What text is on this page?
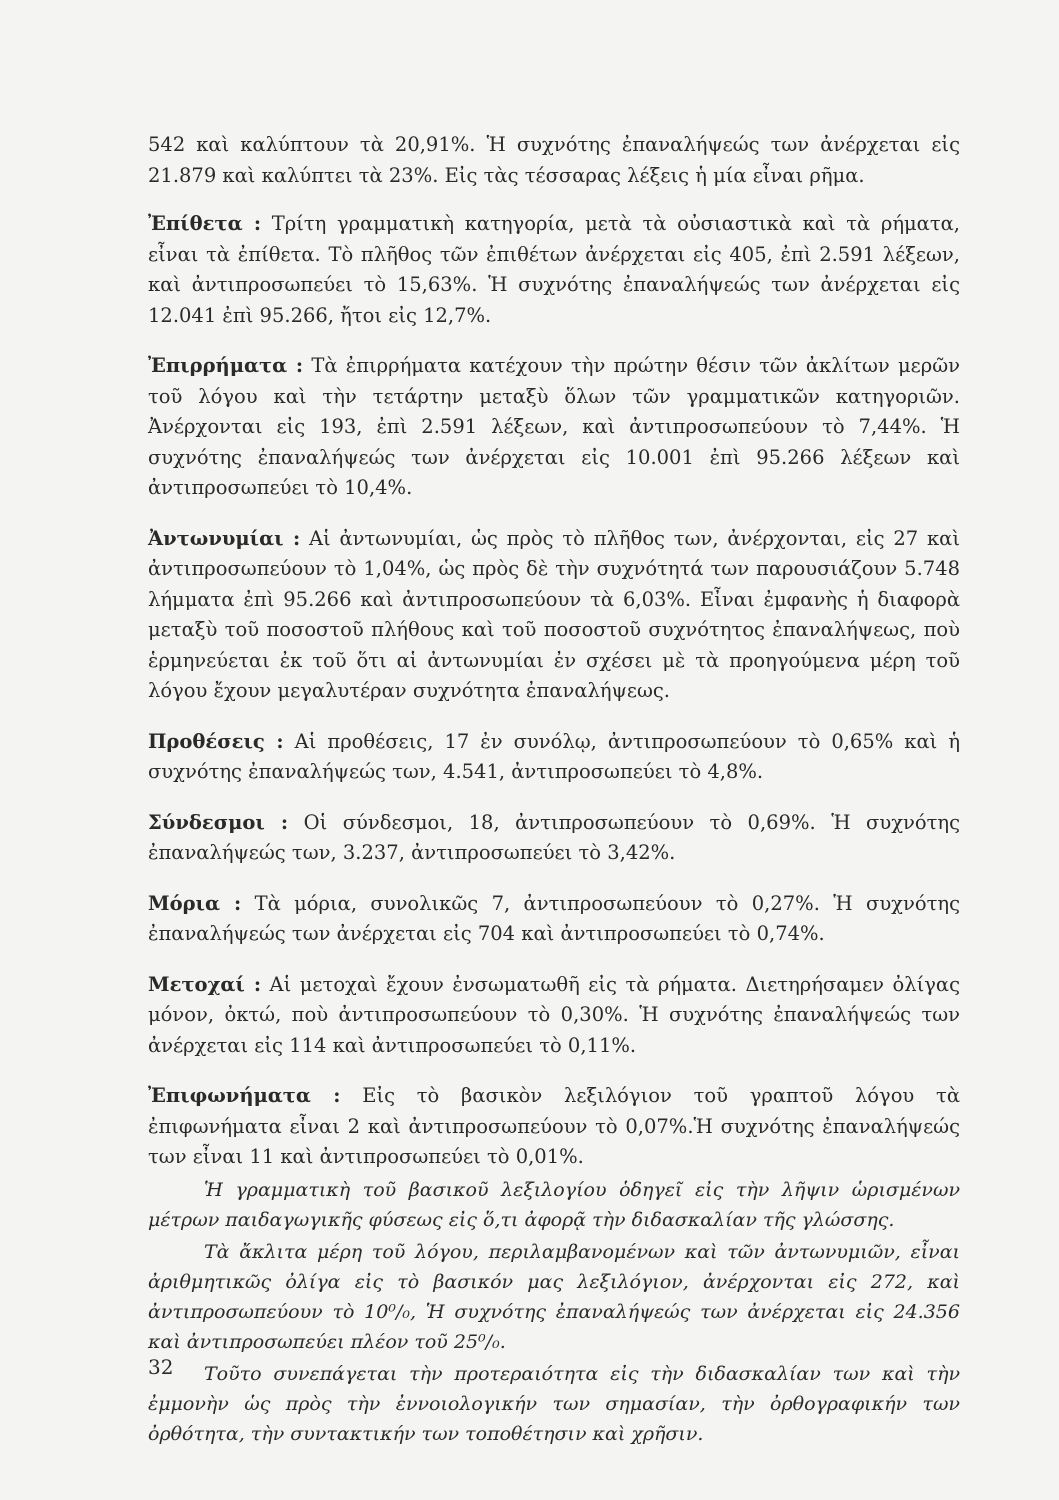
542 καὶ καλύπτουν τὰ 20,91%. Ἡ συχνότης ἐπαναλήψεώς των ἀνέρχεται εἰς 21.879 καὶ καλύπτει τὰ 23%. Εἰς τὰς τέσσαρας λέξεις ἡ μία εἶναι ρῆμα.

Ἐπίθετα : Τρίτη γραμματικὴ κατηγορία, μετὰ τὰ οὐσιαστικὰ καὶ τὰ ρήματα, εἶναι τὰ ἐπίθετα. Τὸ πλῆθος τῶν ἐπιθέτων ἀνέρχεται εἰς 405, ἐπὶ 2.591 λέξεων, καὶ ἀντιπροσωπεύει τὸ 15,63%. Ἡ συχνότης ἐπαναλήψεώς των ἀνέρχεται εἰς 12.041 ἐπὶ 95.266, ἤτοι εἰς 12,7%.

Ἐπιρρήματα : Τὰ ἐπιρρήματα κατέχουν τὴν πρώτην θέσιν τῶν ἀκλίτων μερῶν τοῦ λόγου καὶ τὴν τετάρτην μεταξὺ ὅλων τῶν γραμματικῶν κατηγοριῶν. Ἀνέρχονται εἰς 193, ἐπὶ 2.591 λέξεων, καὶ ἀντιπροσωπεύουν τὸ 7,44%. Ἡ συχνότης ἐπαναλήψεώς των ἀνέρχεται εἰς 10.001 ἐπὶ 95.266 λέξεων καὶ ἀντιπροσωπεύει τὸ 10,4%.

Ἀντωνυμίαι : Αἱ ἀντωνυμίαι, ὡς πρὸς τὸ πλῆθος των, ἀνέρχονται, εἰς 27 καὶ ἀντιπροσωπεύουν τὸ 1,04%, ὡς πρὸς δὲ τὴν συχνότητά των παρουσιάζουν 5.748 λήμματα ἐπὶ 95.266 καὶ ἀντιπροσωπεύουν τὰ 6,03%. Εἶναι ἐμφανὴς ἡ διαφορὰ μεταξὺ τοῦ ποσοστοῦ πλήθους καὶ τοῦ ποσοστοῦ συχνότητος ἐπαναλήψεως, ποὺ ἑρμηνεύεται ἐκ τοῦ ὅτι αἱ ἀντωνυμίαι ἐν σχέσει μὲ τὰ προηγούμενα μέρη τοῦ λόγου ἔχουν μεγαλυτέραν συχνότητα ἐπαναλήψεως.

Προθέσεις : Αἱ προθέσεις, 17 ἐν συνόλῳ, ἀντιπροσωπεύουν τὸ 0,65% καὶ ἡ συχνότης ἐπαναλήψεώς των, 4.541, ἀντιπροσωπεύει τὸ 4,8%.

Σύνδεσμοι : Οἱ σύνδεσμοι, 18, ἀντιπροσωπεύουν τὸ 0,69%. Ἡ συχνότης ἐπαναλήψεώς των, 3.237, ἀντιπροσωπεύει τὸ 3,42%.

Μόρια : Τὰ μόρια, συνολικῶς 7, ἀντιπροσωπεύουν τὸ 0,27%. Ἡ συχνότης ἐπαναλήψεώς των ἀνέρχεται εἰς 704 καὶ ἀντιπροσωπεύει τὸ 0,74%.

Μετοχαί : Αἱ μετοχαὶ ἔχουν ἐνσωματωθῆ εἰς τὰ ρήματα. Διετηρήσαμεν ὀλίγας μόνον, ὀκτώ, ποὺ ἀντιπροσωπεύουν τὸ 0,30%. Ἡ συχνότης ἐπαναλήψεώς των ἀνέρχεται εἰς 114 καὶ ἀντιπροσωπεύει τὸ 0,11%.

Ἐπιφωνήματα : Εἰς τὸ βασικὸν λεξιλόγιον τοῦ γραπτοῦ λόγου τὰ ἐπιφωνήματα εἶναι 2 καὶ ἀντιπροσωπεύουν τὸ 0,07%.Ἡ συχνότης ἐπαναλήψεώς των εἶναι 11 καὶ ἀντιπροσωπεύει τὸ 0,01%.

Ἡ γραμματικὴ τοῦ βασικοῦ λεξιλογίου ὁδηγεῖ εἰς τὴν λῆψιν ὡρισμένων μέτρων παιδαγωγικῆς φύσεως εἰς ὅ,τι ἀφορᾷ τὴν διδασκαλίαν τῆς γλώσσης.

Τὰ ἄκλιτα μέρη τοῦ λόγου, περιλαμβανομένων καὶ τῶν ἀντωνυμιῶν, εἶναι ἀριθμητικῶς ὀλίγα εἰς τὸ βασικόν μας λεξιλόγιον, ἀνέρχονται εἰς 272, καὶ ἀντιπροσωπεύουν τὸ 10⁰/₀, Ἡ συχνότης ἐπαναλήψεώς των ἀνέρχεται εἰς 24.356 καὶ ἀντιπροσωπεύει πλέον τοῦ 25⁰/₀.

Τοῦτο συνεπάγεται τὴν προτεραιότητα εἰς τὴν διδασκαλίαν των καὶ τὴν ἐμμονὴν ὡς πρὸς τὴν ἐννοιολογικήν των σημασίαν, τὴν ὀρθογραφικήν των ὀρθότητα, τὴν συντακτικήν των τοποθέτησιν καὶ χρῆσιν.

32
